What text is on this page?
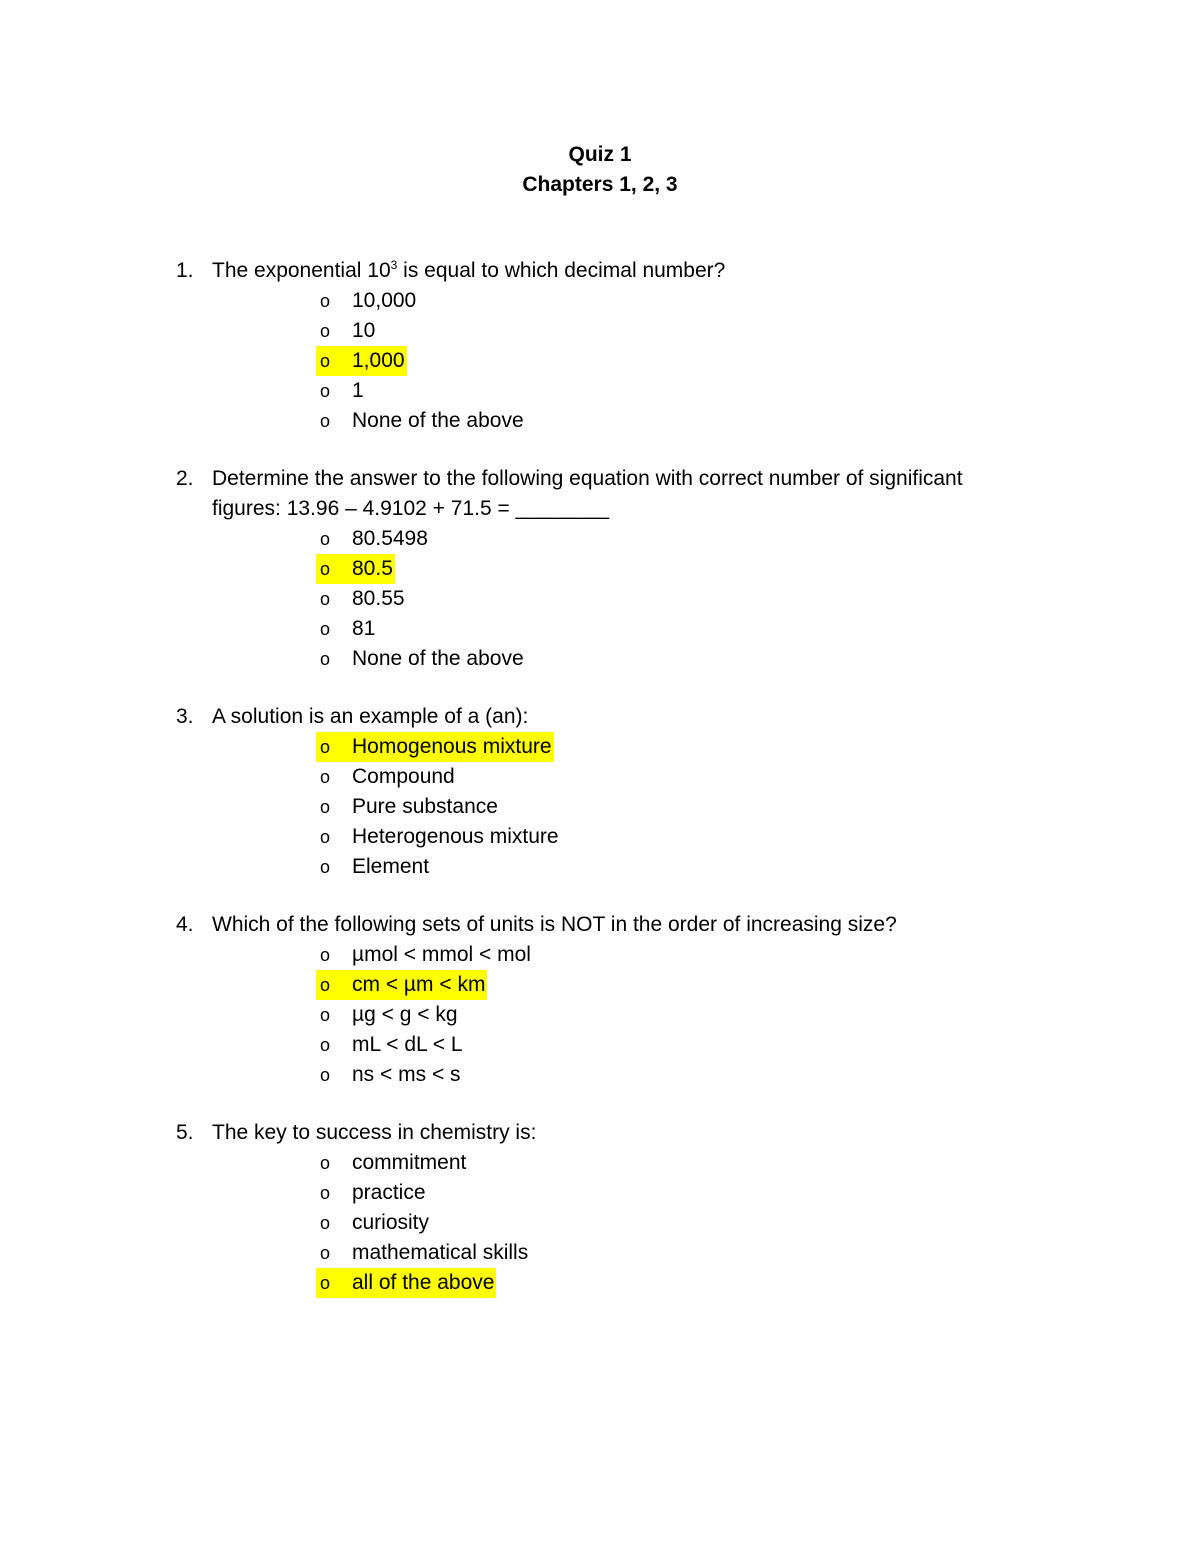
Quiz 1
Chapters 1, 2, 3
1. The exponential $10^3$ is equal to which decimal number?
o	10,000
o	10
o	1,000
o	1
o	None of the above
2. Determine the answer to the following equation with correct number of significant figures: 13.96 – 4.9102 + 71.5 = ________
o	80.5498
o	80.5
o	80.55
o	81
o	None of the above
3. A solution is an example of a (an):
o	Homogenous mixture
o	Compound
o	Pure substance
o	Heterogenous mixture
o	Element
4. Which of the following sets of units is NOT in the order of increasing size?
o	µmol < mmol < mol
o	cm < µm < km
o	µg < g < kg
o	mL < dL < L
o	ns < ms < s
5. The key to success in chemistry is:
o	commitment
o	practice
o	curiosity
o	mathematical skills
o	all of the above
